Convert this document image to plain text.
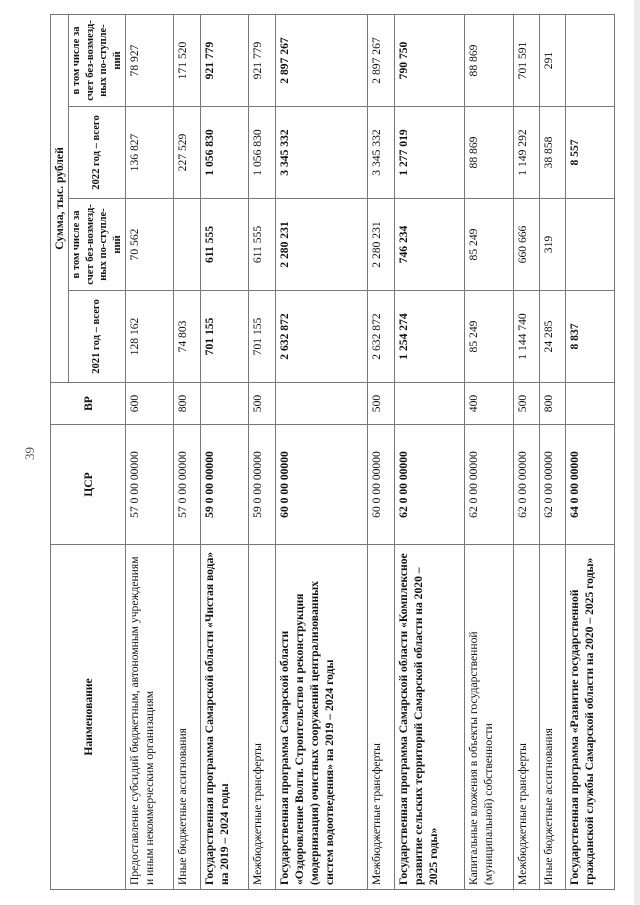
39
Наименование	ЦСР	ВР	Сумма, тыс. рублей			
			2021 год – всего	в том числе за счет без-возмезд-ных по-ступле-ний	2022 год – всего	в том числе за счет без-возмезд-ных по-ступле-ний
Предоставление субсидий бюджетным, автономным учреждениям и иным некоммерческим организациям	57 0 00 00000	600	128 162	70 562	136 827	78 927
Иные бюджетные ассигнования	57 0 00 00000	800	74 803		227 529	171 520
Государственная программа Самарской области «Чистая вода» на 2019 – 2024 годы	59 0 00 00000		701 155	611 555	1 056 830	921 779
Межбюджетные трансферты	59 0 00 00000	500	701 155	611 555	1 056 830	921 779
Государственная программа Самарской области «Оздоровление Волги. Строительство и реконструкция (модернизация) очистных сооружений централизованных систем водоотведения» на 2019 – 2024 годы	60 0 00 00000		2 632 872	2 280 231	3 345 332	2 897 267
Межбюджетные трансферты	60 0 00 00000	500	2 632 872	2 280 231	3 345 332	2 897 267
Государственная программа Самарской области «Комплексное развитие сельских территорий Самарской области на 2020 – 2025 годы»	62 0 00 00000		1 254 274	746 234	1 277 019	790 750
Капитальные вложения в объекты государственной (муниципальной) собственности	62 0 00 00000	400	85 249	85 249	88 869	88 869
Межбюджетные трансферты	62 0 00 00000	500	1 144 740	660 666	1 149 292	701 591
Иные бюджетные ассигнования	62 0 00 00000	800	24 285	319	38 858	291
Государственная программа «Развитие государственной гражданской службы Самарской области на 2020 – 2025 годы»	64 0 00 00000		8 837		8 557	
